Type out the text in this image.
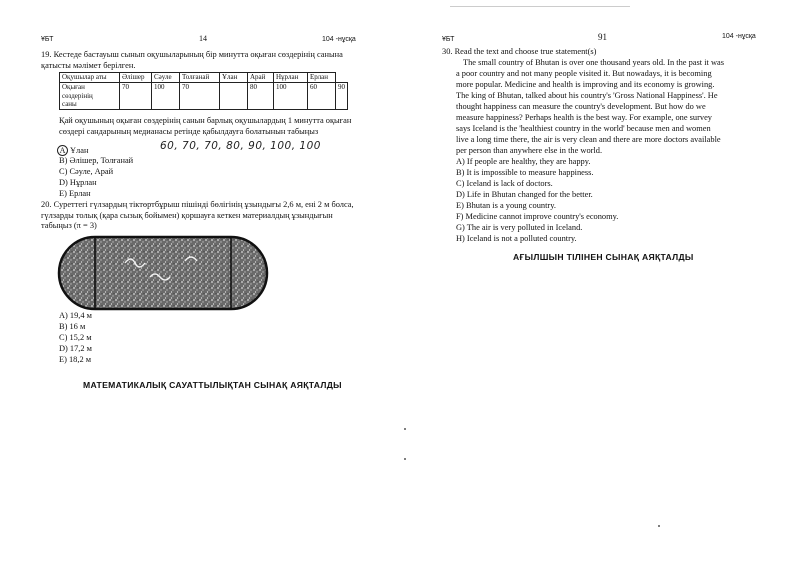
ҰБТ	14	104 -нұсқа
19. Кестеде бастауыш сынып оқушыларының бір минутта оқыған сөздерінің санына қатысты мәлімет берілген.
Оқушылар аты	Әлішер	Сәуле	Толғанай	Ұлан	Арай	Нұрлан	Ерлан	

Оқыған
сөздерінің
саны	70	100	70		80	100	60	90
Қай оқушының оқыған сөздерінің санын барлық оқушылардың 1 минутта оқыған сөздері сандарының медианасы ретінде қабылдауға болатынын табыңыз
60, 70, 70, 80, 90, 100, 100
A Ұлан
B) Әлішер, Толғанай
C) Сәуле, Арай
D) Нұрлан
E) Ерлан
20. Суреттегі гүлзардың тіктөртбұрыш пішінді бөлігінің ұзындығы 2,6 м, ені 2 м болса, гүлзарды толық (қара сызық бойымен) қоршауға кеткен материалдың ұзындығын табыңыз (π = 3)
A) 19,4 м
B) 16 м
C) 15,2 м
D) 17,2 м
E) 18,2 м
МАТЕМАТИКАЛЫҚ САУАТТЫЛЫҚТАН СЫНАҚ АЯҚТАЛДЫ
ҰБТ	91	104 -нұсқа
30. Read the text and choose true statement(s)
The small country of Bhutan is over one thousand years old. In the past it was
a poor country and not many people visited it. But nowadays, it is becoming
more popular. Medicine and health is improving and its economy is growing.
The king of Bhutan, talked about his country's 'Gross National Happiness'. He
thought happiness can measure the country's development. But how do we
measure happiness? Perhaps health is the best way. For example, one survey
says Iceland is the 'healthiest country in the world' because men and women
live a long time there, the air is very clean and there are more doctors available
per person than anywhere else in the world.
A) If people are healthy, they are happy.
B) It is impossible to measure happiness.
C) Iceland is lack of doctors.
D) Life in Bhutan changed for the better.
E) Bhutan is a young country.
F) Medicine cannot improve country's economy.
G) The air is very polluted in Iceland.
H) Iceland is not a polluted country.
АҒЫЛШЫН ТІЛІНЕН СЫНАҚ АЯҚТАЛДЫ
